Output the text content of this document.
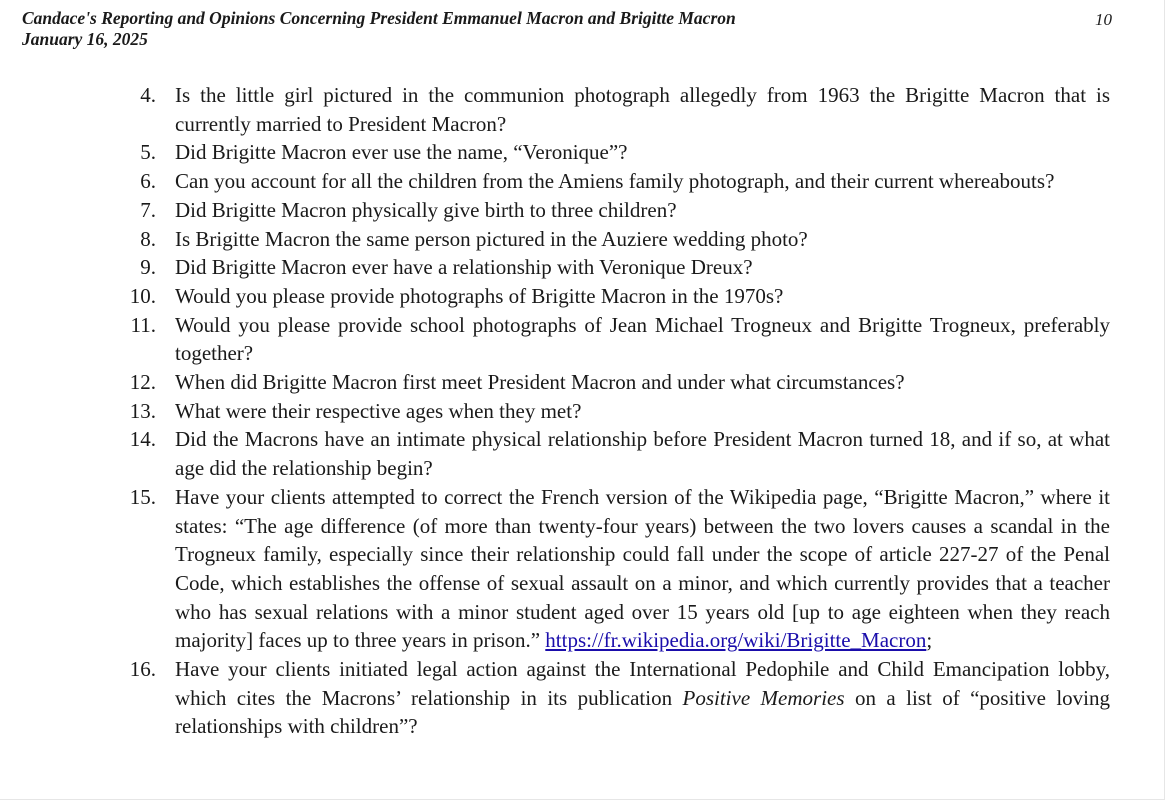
Candace's Reporting and Opinions Concerning President Emmanuel Macron and Brigitte Macron
January 16, 2025
10
4. Is the little girl pictured in the communion photograph allegedly from 1963 the Brigitte Macron that is currently married to President Macron?
5. Did Brigitte Macron ever use the name, “Veronique”?
6. Can you account for all the children from the Amiens family photograph, and their current whereabouts?
7. Did Brigitte Macron physically give birth to three children?
8. Is Brigitte Macron the same person pictured in the Auziere wedding photo?
9. Did Brigitte Macron ever have a relationship with Veronique Dreux?
10. Would you please provide photographs of Brigitte Macron in the 1970s?
11. Would you please provide school photographs of Jean Michael Trogneux and Brigitte Trogneux, preferably together?
12. When did Brigitte Macron first meet President Macron and under what circumstances?
13. What were their respective ages when they met?
14. Did the Macrons have an intimate physical relationship before President Macron turned 18, and if so, at what age did the relationship begin?
15. Have your clients attempted to correct the French version of the Wikipedia page, “Brigitte Macron,” where it states: “The age difference (of more than twenty-four years) between the two lovers causes a scandal in the Trogneux family, especially since their relationship could fall under the scope of article 227-27 of the Penal Code, which establishes the offense of sexual assault on a minor, and which currently provides that a teacher who has sexual relations with a minor student aged over 15 years old [up to age eighteen when they reach majority] faces up to three years in prison.” https://fr.wikipedia.org/wiki/Brigitte_Macron;
16. Have your clients initiated legal action against the International Pedophile and Child Emancipation lobby, which cites the Macrons’ relationship in its publication Positive Memories on a list of “positive loving relationships with children”?
